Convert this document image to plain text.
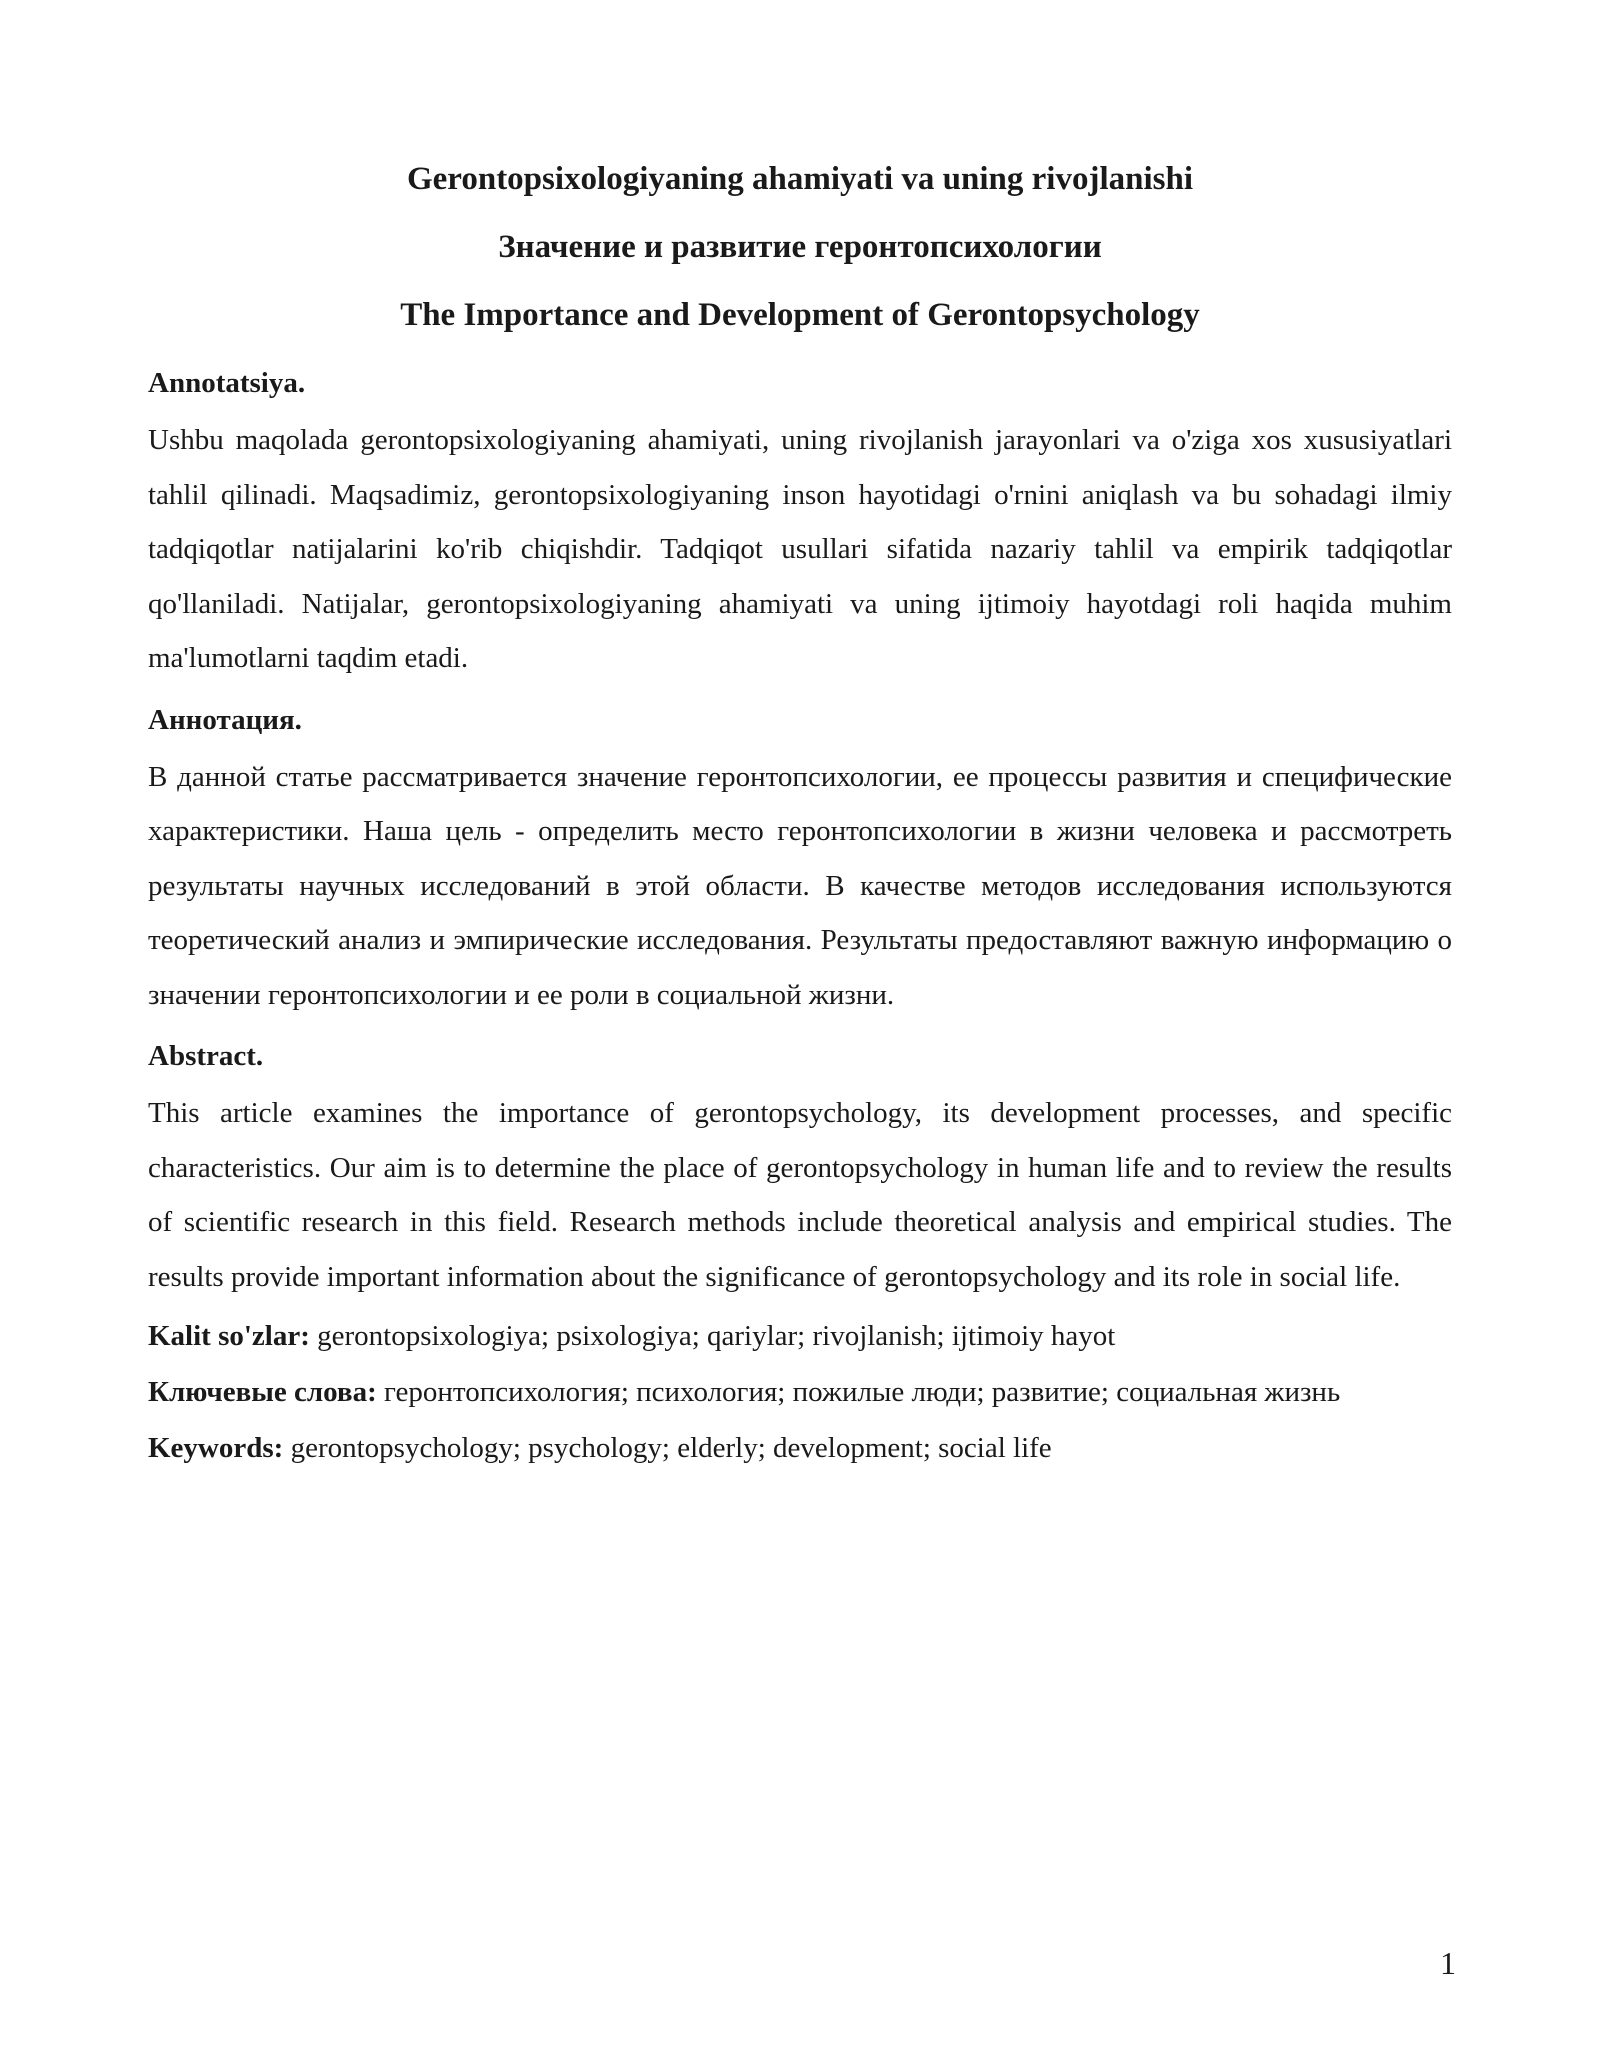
Gerontopsixologiyaning ahamiyati va uning rivojlanishi
Значение и развитие геронтопсихологии
The Importance and Development of Gerontopsychology
Annotatsiya.

Ushbu maqolada gerontopsixologiyaning ahamiyati, uning rivojlanish jarayonlari va o'ziga xos xususiyatlari tahlil qilinadi. Maqsadimiz, gerontopsixologiyaning inson hayotidagi o'rnini aniqlash va bu sohadagi ilmiy tadqiqotlar natijalarini ko'rib chiqishdir. Tadqiqot usullari sifatida nazariy tahlil va empirik tadqiqotlar qo'llaniladi. Natijalar, gerontopsixologiyaning ahamiyati va uning ijtimoiy hayotdagi roli haqida muhim ma'lumotlarni taqdim etadi.

Аннотация.

В данной статье рассматривается значение геронтопсихологии, ее процессы развития и специфические характеристики. Наша цель - определить место геронтопсихологии в жизни человека и рассмотреть результаты научных исследований в этой области. В качестве методов исследования используются теоретический анализ и эмпирические исследования. Результаты предоставляют важную информацию о значении геронтопсихологии и ее роли в социальной жизни.

Abstract.

This article examines the importance of gerontopsychology, its development processes, and specific characteristics. Our aim is to determine the place of gerontopsychology in human life and to review the results of scientific research in this field. Research methods include theoretical analysis and empirical studies. The results provide important information about the significance of gerontopsychology and its role in social life.

Kalit so'zlar: gerontopsixologiya; psixologiya; qariylar; rivojlanish; ijtimoiy hayot

Ключевые слова: геронтопсихология; психология; пожилые люди; развитие; социальная жизнь

Keywords: gerontopsychology; psychology; elderly; development; social life

1
